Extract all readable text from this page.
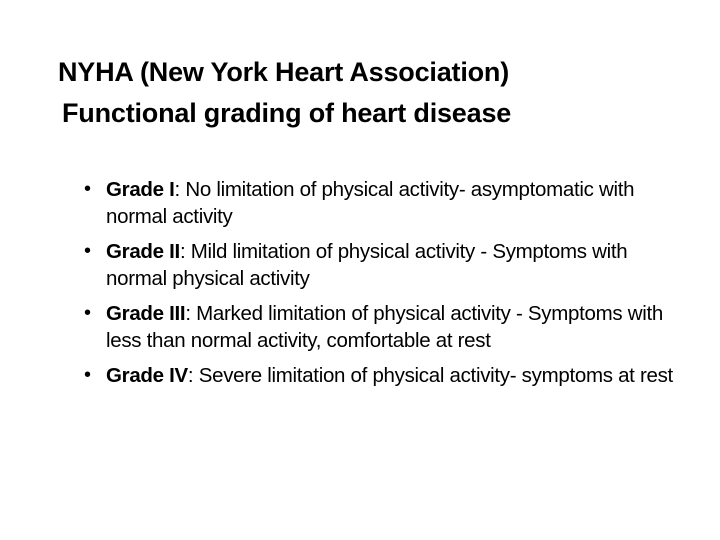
NYHA (New York Heart Association)
Functional grading of heart disease
• Grade I: No limitation of physical activity- asymptomatic with normal activity
• Grade II: Mild limitation of physical activity - Symptoms with normal physical activity
• Grade III: Marked limitation of physical activity - Symptoms with less than normal activity, comfortable at rest
• Grade IV: Severe limitation of physical activity- symptoms at rest
